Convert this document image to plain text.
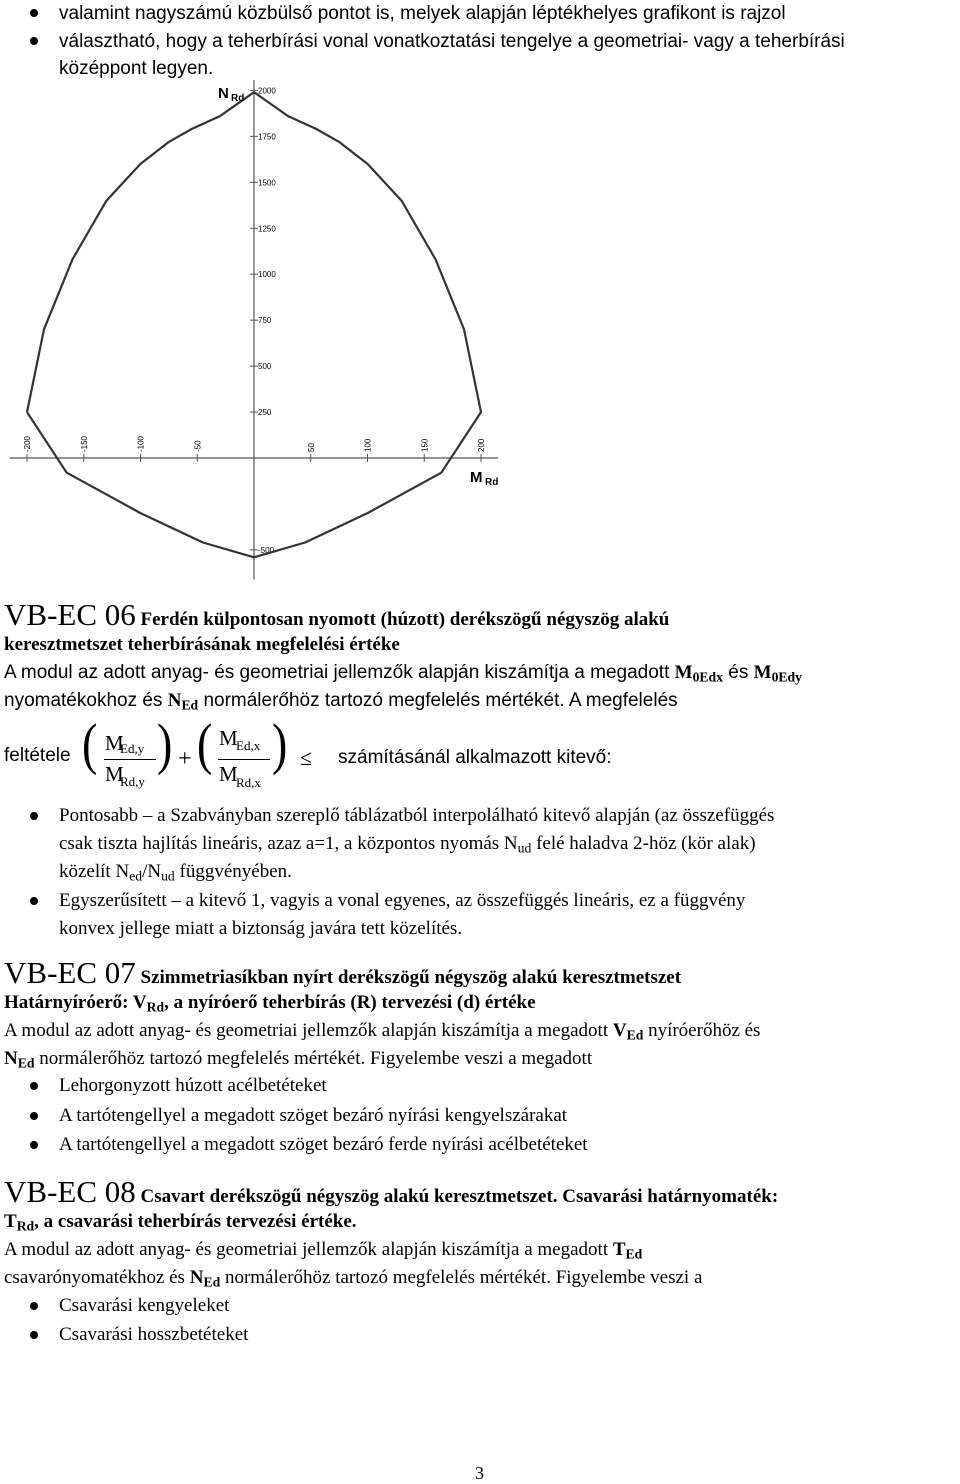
valamint nagyszámú közbülső pontot is, melyek alapján léptékhelyes grafikont is rajzol
választható, hogy a teherbírási vonal vonatkoztatási tengelye a geometriai- vagy a teherbírási
középpont legyen.
2000
1750
1500
1250
1000
750
500
250
-500
-200	-150	-100	-50	50	100	150	200
N Rd
M Rd
VB-EC 06 Ferdén külpontosan nyomott (húzott) derékszögű négyszög alakú
keresztmetszet teherbírásának megfelelési értéke
A modul az adott anyag- és geometriai jellemzők alapján kiszámítja a megadott $M_{0Edx}$ és $M_{0Edy}$
nyomatékokhoz és $N_{Ed}$ normálerőhöz tartozó megfelelés mértékét. A megfelelés
feltétele ( M
Ed,y
M
Rd,y
) + ( M
Ed,x
M
Rd,x
) ≤ számításánál alkalmazott kitevő:
Pontosabb – a Szabványban szereplő táblázatból interpolálható kitevő alapján (az összefüggés
csak tiszta hajlítás lineáris, azaz a=1, a központos nyomás $N_{ud}$ felé haladva 2-höz (kör alak)
közelít $N_{ed}/N_{ud}$ függvényében.
Egyszerűsített – a kitevő 1, vagyis a vonal egyenes, az összefüggés lineáris, ez a függvény
konvex jellege miatt a biztonság javára tett közelítés.
VB-EC 07 Szimmetriasíkban nyírt derékszögű négyszög alakú keresztmetszet
Határnyíróerő: $V_{Rd}$, a nyíróerő teherbírás (R) tervezési (d) értéke
A modul az adott anyag- és geometriai jellemzők alapján kiszámítja a megadott $V_{Ed}$ nyíróerőhöz és
$N_{Ed}$ normálerőhöz tartozó megfelelés mértékét. Figyelembe veszi a megadott
Lehorgonyzott húzott acélbetéteket
A tartótengellyel a megadott szöget bezáró nyírási kengyelszárakat
A tartótengellyel a megadott szöget bezáró ferde nyírási acélbetéteket
VB-EC 08 Csavart derékszögű négyszög alakú keresztmetszet. Csavarási határnyomaték:
$T_{Rd}$, a csavarási teherbírás tervezési értéke.
A modul az adott anyag- és geometriai jellemzők alapján kiszámítja a megadott $T_{Ed}$
csavarónyomatékhoz és $N_{Ed}$ normálerőhöz tartozó megfelelés mértékét. Figyelembe veszi a
Csavarási kengyeleket
Csavarási hosszbetéteket
3
